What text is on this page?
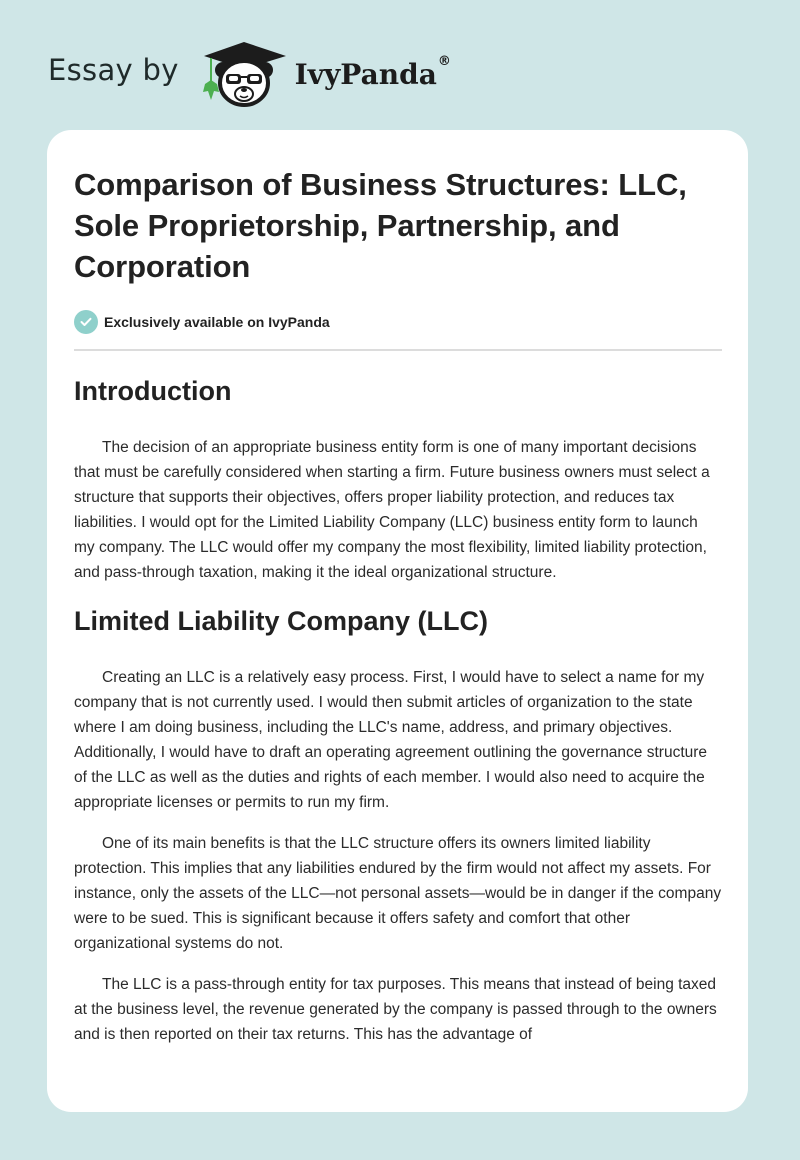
Essay by	IvyPanda®
Comparison of Business Structures: LLC, Sole Proprietorship, Partnership, and Corporation
Exclusively available on IvyPanda
Introduction

The decision of an appropriate business entity form is one of many important decisions that must be carefully considered when starting a firm. Future business owners must select a structure that supports their objectives, offers proper liability protection, and reduces tax liabilities. I would opt for the Limited Liability Company (LLC) business entity form to launch my company. The LLC would offer my company the most flexibility, limited liability protection, and pass-through taxation, making it the ideal organizational structure.

Limited Liability Company (LLC)

Creating an LLC is a relatively easy process. First, I would have to select a name for my company that is not currently used. I would then submit articles of organization to the state where I am doing business, including the LLC's name, address, and primary objectives. Additionally, I would have to draft an operating agreement outlining the governance structure of the LLC as well as the duties and rights of each member. I would also need to acquire the appropriate licenses or permits to run my firm.

One of its main benefits is that the LLC structure offers its owners limited liability protection. This implies that any liabilities endured by the firm would not affect my assets. For instance, only the assets of the LLC—not personal assets—would be in danger if the company were to be sued. This is significant because it offers safety and comfort that other organizational systems do not.

The LLC is a pass-through entity for tax purposes. This means that instead of being taxed at the business level, the revenue generated by the company is passed through to the owners and is then reported on their tax returns. This has the advantage of
